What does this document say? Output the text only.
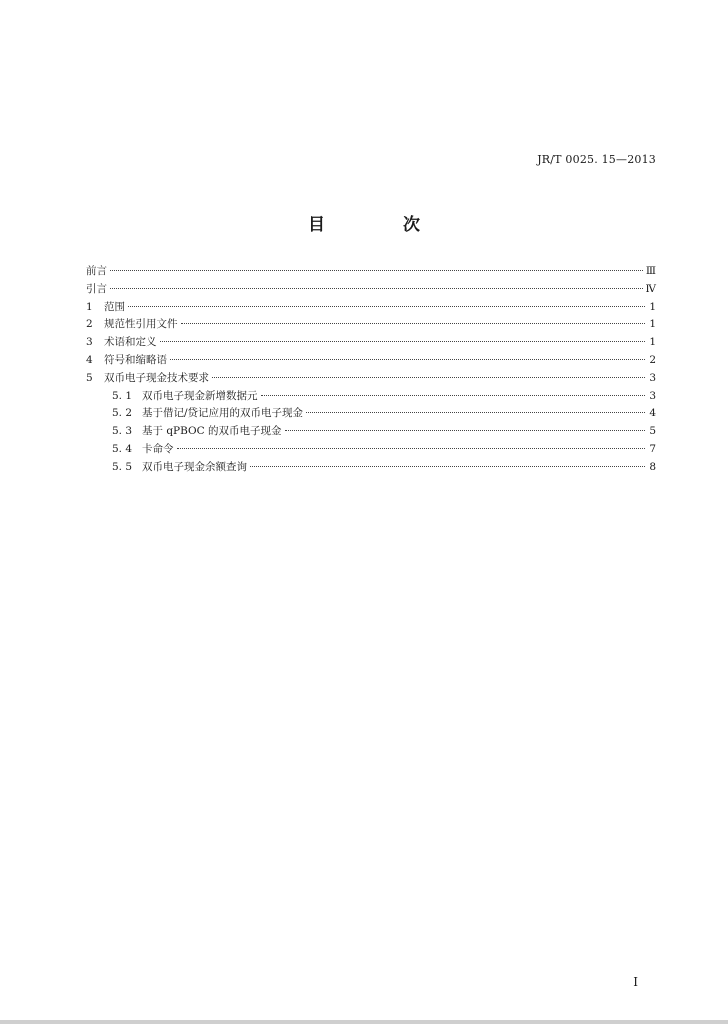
JR/T 0025. 15—2013
目 次
前言	Ⅲ
引言	Ⅳ
1	范围	1
2	规范性引用文件	1
3	术语和定义	1
4	符号和缩略语	2
5	双币电子现金技术要求	3
5. 1 双币电子现金新增数据元	3
5. 2 基于借记/贷记应用的双币电子现金	4
5. 3 基于 qPBOC 的双币电子现金	5
5. 4 卡命令	7
5. 5 双币电子现金余额查询	8
I
